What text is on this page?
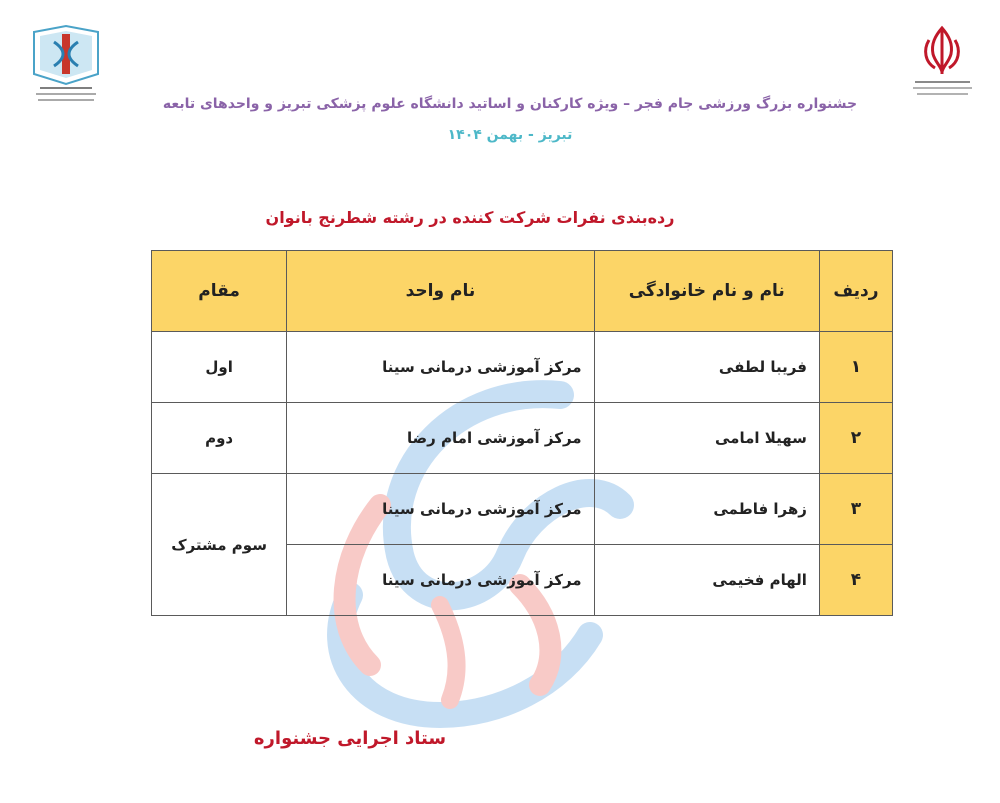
جشنواره بزرگ ورزشی جام فجر – ویژه کارکنان و اساتید دانشگاه علوم پزشکی تبریز و واحدهای تابعه
تبریز - بهمن ۱۴۰۴
رده‌بندی نفرات شرکت کننده در رشته شطرنج بانوان
ردیف	نام و نام خانوادگی	نام واحد	مقام
۱	فریبا لطفی	مرکز آموزشی درمانی سینا	اول
۲	سهیلا امامی	مرکز آموزشی امام رضا	دوم
۳	زهرا فاطمی	مرکز آموزشی درمانی سینا	سوم مشترک
۴	الهام فخیمی	مرکز آموزشی درمانی سینا	
ستاد اجرایی جشنواره
